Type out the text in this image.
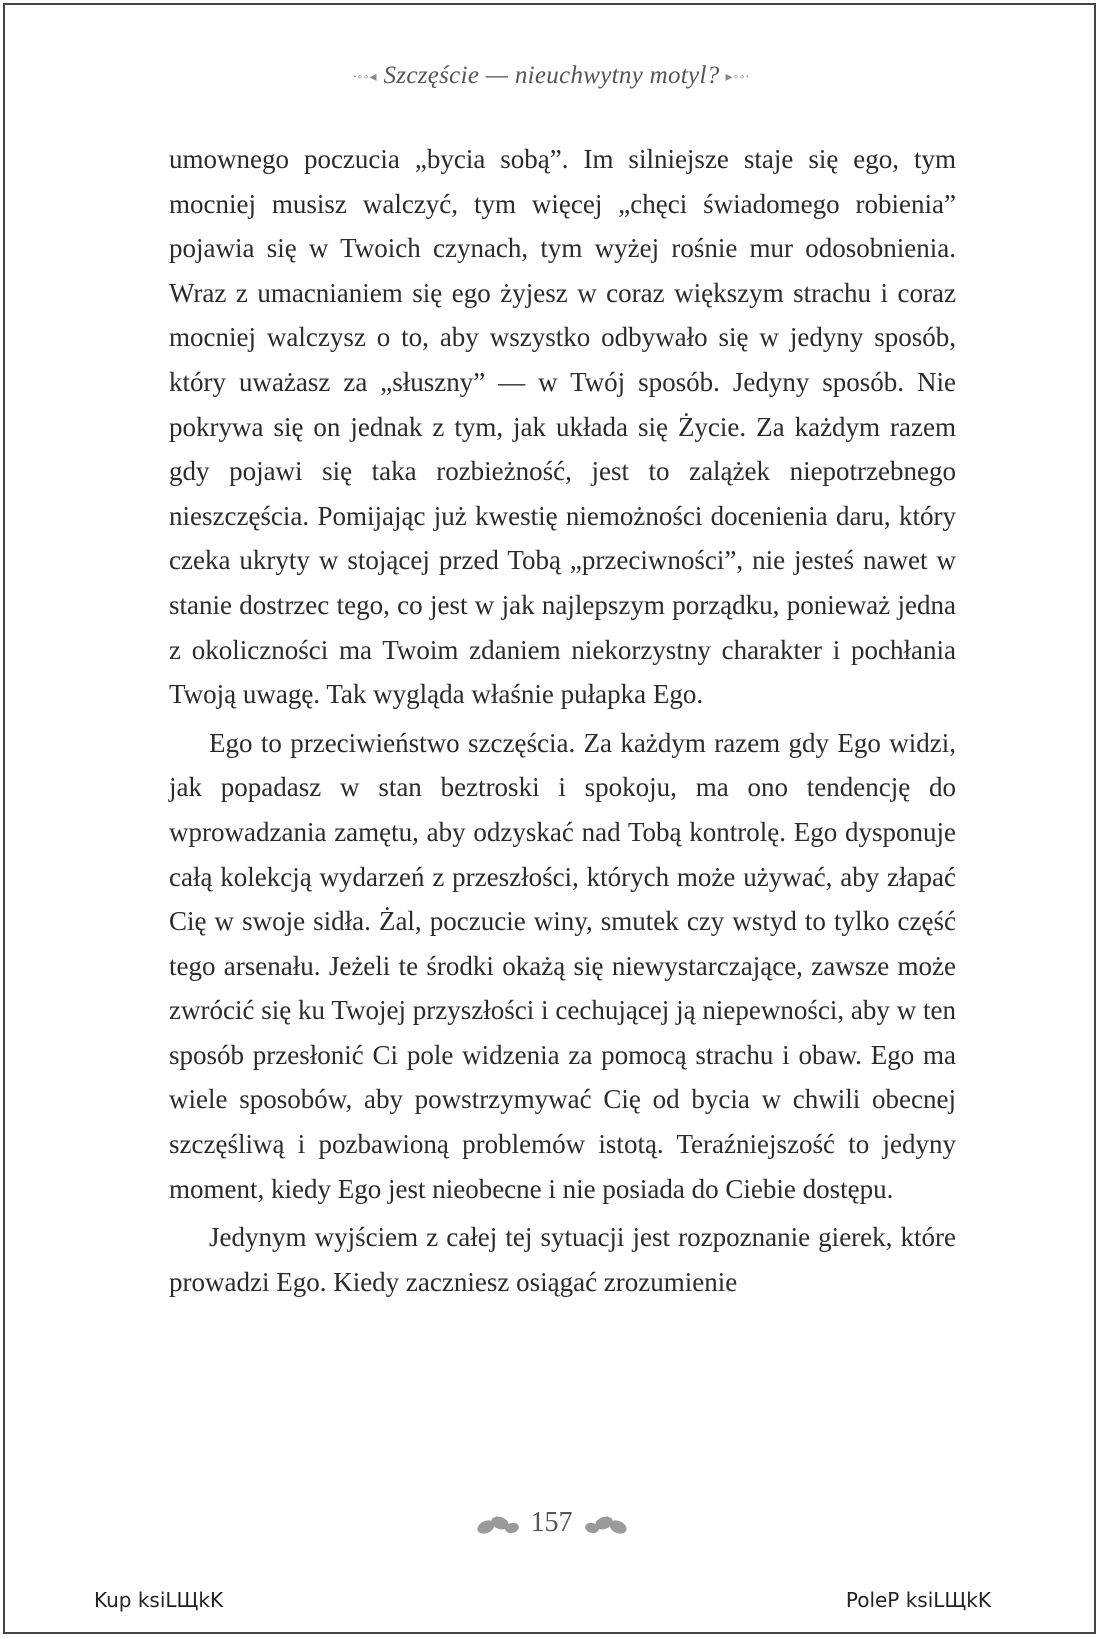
∙◦◦◂ Szczęście — nieuchwytny motyl? ▸◦◦∙

umownego poczucia „bycia sobą”. Im silniejsze staje się ego, tym mocniej musisz walczyć, tym więcej „chęci świadomego robienia” pojawia się w Twoich czynach, tym wyżej rośnie mur odosobnienia. Wraz z umacnianiem się ego żyjesz w coraz większym strachu i coraz mocniej walczysz o to, aby wszystko odbywało się w jedyny sposób, który uważasz za „słuszny” — w Twój sposób. Jedyny sposób. Nie pokrywa się on jednak z tym, jak układa się Życie. Za każdym razem gdy pojawi się taka rozbieżność, jest to zalążek niepotrzebnego nieszczęścia. Pomijając już kwestię niemożności docenienia daru, który czeka ukryty w stojącej przed Tobą „przeciwności”, nie jesteś nawet w stanie dostrzec tego, co jest w jak najlepszym porządku, ponieważ jedna z okoliczności ma Twoim zdaniem niekorzystny charakter i pochłania Twoją uwagę. Tak wygląda właśnie pułapka Ego.

Ego to przeciwieństwo szczęścia. Za każdym razem gdy Ego widzi, jak popadasz w stan beztroski i spokoju, ma ono tendencję do wprowadzania zamętu, aby odzyskać nad Tobą kontrolę. Ego dysponuje całą kolekcją wydarzeń z przeszłości, których może używać, aby złapać Cię w swoje sidła. Żal, poczucie winy, smutek czy wstyd to tylko część tego arsenału. Jeżeli te środki okażą się niewystarczające, zawsze może zwrócić się ku Twojej przyszłości i cechującej ją niepewności, aby w ten sposób przesłonić Ci pole widzenia za pomocą strachu i obaw. Ego ma wiele sposobów, aby powstrzymywać Cię od bycia w chwili obecnej szczęśliwą i pozbawioną problemów istotą. Teraźniejszość to jedyny moment, kiedy Ego jest nieobecne i nie posiada do Ciebie dostępu.

Jedynym wyjściem z całej tej sytuacji jest rozpoznanie gierek, które prowadzi Ego. Kiedy zaczniesz osiągać zrozumienie

157
Kup ksiLЩkK	PoleP ksiLЩkK
